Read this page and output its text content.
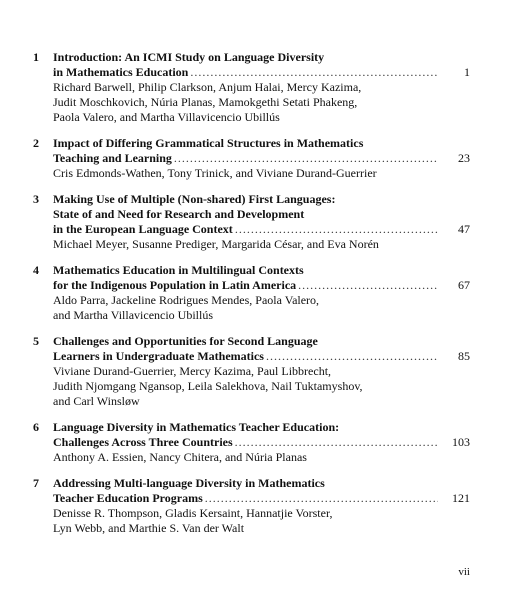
1	Introduction: An ICMI Study on Language Diversity
in Mathematics Education .....	1
Richard Barwell, Philip Clarkson, Anjum Halai, Mercy Kazima,
Judit Moschkovich, Núria Planas, Mamokgethi Setati Phakeng,
Paola Valero, and Martha Villavicencio Ubillús
2	Impact of Differing Grammatical Structures in Mathematics
Teaching and Learning .....	23
Cris Edmonds-Wathen, Tony Trinick, and Viviane Durand-Guerrier
3	Making Use of Multiple (Non-shared) First Languages:
State of and Need for Research and Development
in the European Language Context .....	47
Michael Meyer, Susanne Prediger, Margarida César, and Eva Norén
4	Mathematics Education in Multilingual Contexts
for the Indigenous Population in Latin America .....	67
Aldo Parra, Jackeline Rodrigues Mendes, Paola Valero,
and Martha Villavicencio Ubillús
5	Challenges and Opportunities for Second Language
Learners in Undergraduate Mathematics .....	85
Viviane Durand-Guerrier, Mercy Kazima, Paul Libbrecht,
Judith Njomgang Ngansop, Leila Salekhova, Nail Tuktamyshov,
and Carl Winsløw
6	Language Diversity in Mathematics Teacher Education:
Challenges Across Three Countries .....	103
Anthony A. Essien, Nancy Chitera, and Núria Planas
7	Addressing Multi-language Diversity in Mathematics
Teacher Education Programs .....	121
Denisse R. Thompson, Gladis Kersaint, Hannatjie Vorster,
Lyn Webb, and Marthie S. Van der Walt
vii
